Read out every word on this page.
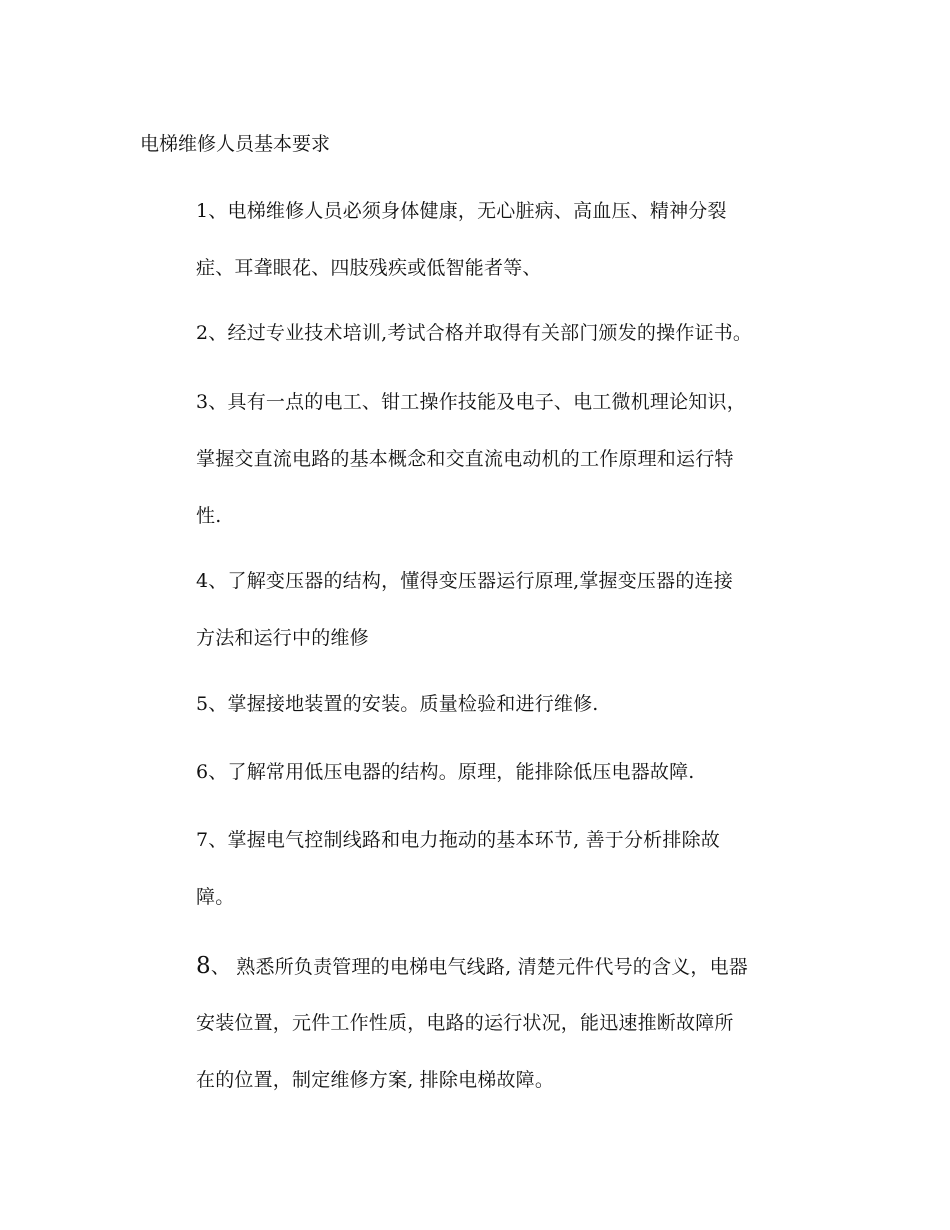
电梯维修人员基本要求
1、电梯维修人员必须身体健康，无心脏病、高血压、精神分裂
症、耳聋眼花、四肢残疾或低智能者等、
2、经过专业技术培训,考试合格并取得有关部门颁发的操作证书。
3、具有一点的电工、钳工操作技能及电子、电工微机理论知识，
掌握交直流电路的基本概念和交直流电动机的工作原理和运行特
性.
4、了解变压器的结构，懂得变压器运行原理,掌握变压器的连接
方法和运行中的维修
5、掌握接地装置的安装。质量检验和进行维修.
6、了解常用低压电器的结构。原理，能排除低压电器故障.
7、掌握电气控制线路和电力拖动的基本环节, 善于分析排除故
障。
8、 熟悉所负责管理的电梯电气线路, 清楚元件代号的含义，电器
安装位置，元件工作性质，电路的运行状况，能迅速推断故障所
在的位置，制定维修方案, 排除电梯故障。
